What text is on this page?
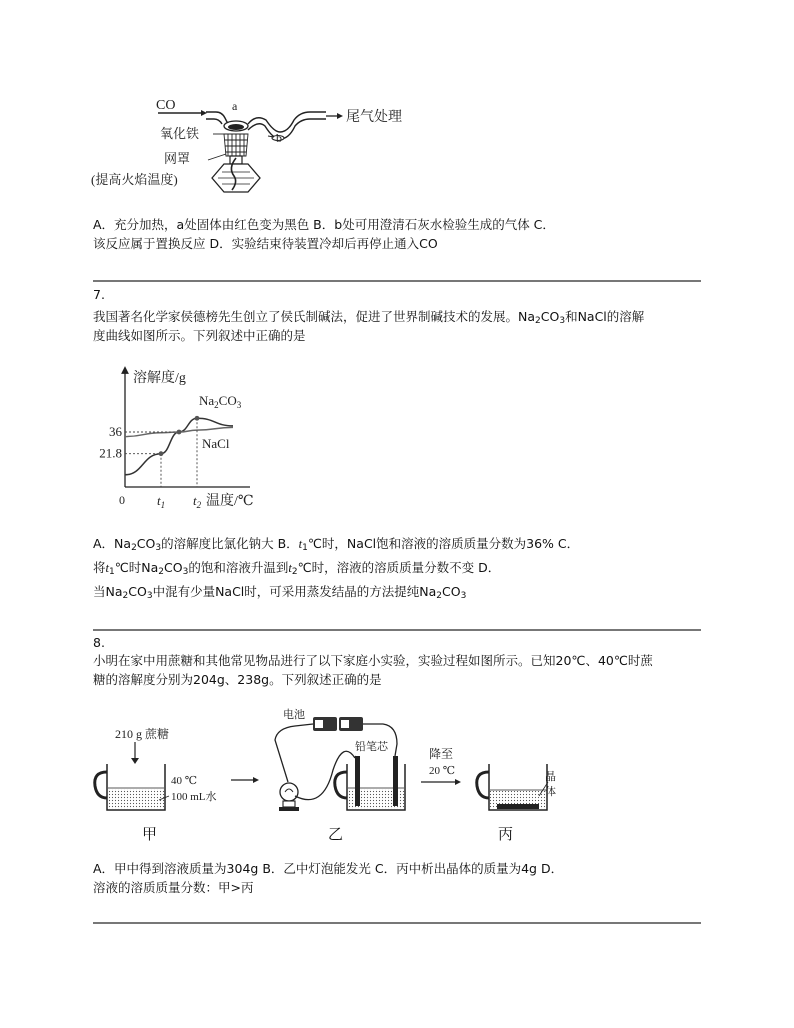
CO	a
b
尾气处理
氧化铁
网罩
(提高火焰温度)
A．充分加热，a处固体由红色变为黑色 B．b处可用澄清石灰水检验生成的气体 C．
该反应属于置换反应 D．实验结束待装置冷却后再停止通入CO
7.
我国著名化学家侯德榜先生创立了侯氏制碱法，促进了世界制碱技术的发展。$Na_2CO_3$和NaCl的溶解
度曲线如图所示。下列叙述中正确的是
溶解度/g
温度/℃
0
21.8
36
$t_1$ $t_2$
$Na_2CO_3$
NaCl
A．$Na_2CO_3$的溶解度比氯化钠大 B．$t_1℃$时，NaCl饱和溶液的溶质质量分数为36% C．
将$t_1℃$时$Na_2CO_3$的饱和溶液升温到$t_2℃$时，溶液的溶质质量分数不变 D．
当$Na_2CO_3$中混有少量NaCl时，可采用蒸发结晶的方法提纯$Na_2CO_3$
8.
小明在家中用蔗糖和其他常见物品进行了以下家庭小实验，实验过程如图所示。已知20℃、40℃时蔗
糖的溶解度分别为204g、238g。下列叙述正确的是
210 g 蔗糖
40 ℃
100 mL水
电池
铅笔芯	降至
20 ℃	晶
体
甲	乙	丙
A．甲中得到溶液质量为304g B．乙中灯泡能发光 C．丙中析出晶体的质量为4g D．
溶液的溶质质量分数：甲>丙
